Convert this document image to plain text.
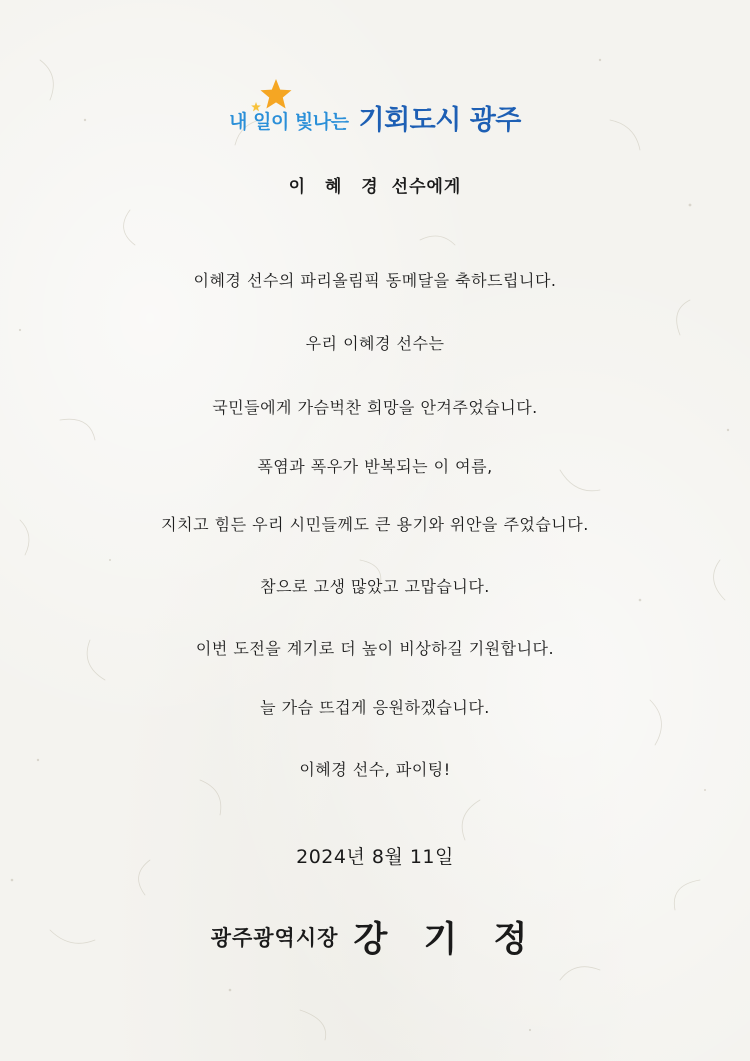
내 일이 빛나는 기회도시 광주
이 혜 경 선수에게
이혜경 선수의 파리올림픽 동메달을 축하드립니다.
우리 이혜경 선수는
국민들에게 가슴벅찬 희망을 안겨주었습니다.
폭염과 폭우가 반복되는 이 여름,
지치고 힘든 우리 시민들께도 큰 용기와 위안을 주었습니다.
참으로 고생 많았고 고맙습니다.
이번 도전을 계기로 더 높이 비상하길 기원합니다.
늘 가슴 뜨겁게 응원하겠습니다.
이혜경 선수, 파이팅!
2024년 8월 11일
광주광역시장 강 기 정
